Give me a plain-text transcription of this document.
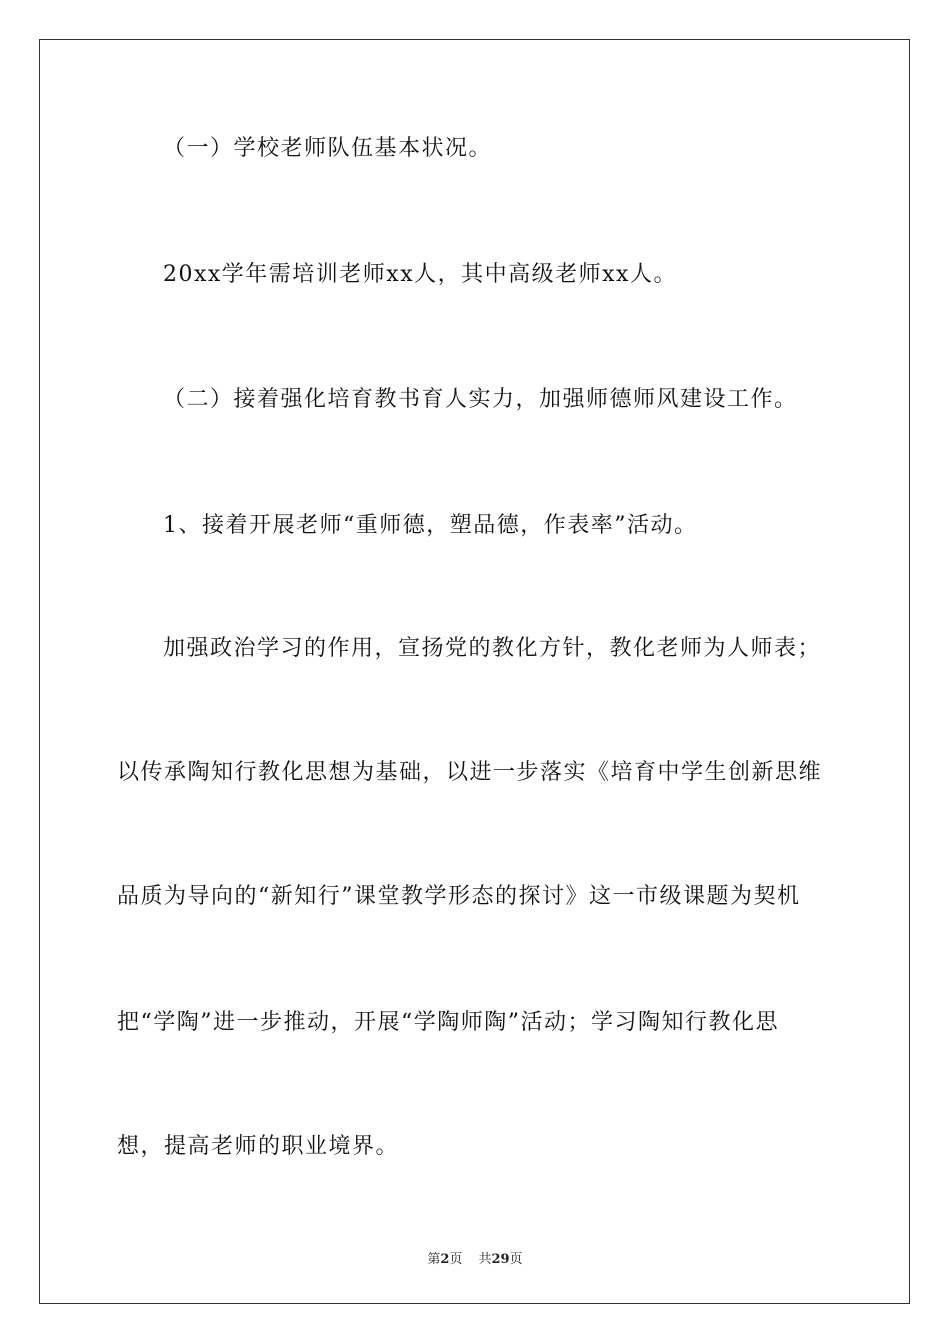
（一）学校老师队伍基本状况。
20xx学年需培训老师xx人，其中高级老师xx人。
（二）接着强化培育教书育人实力，加强师德师风建设工作。
1、接着开展老师“重师德，塑品德，作表率”活动。
加强政治学习的作用，宣扬党的教化方针，教化老师为人师表；
以传承陶知行教化思想为基础，以进一步落实《培育中学生创新思维
品质为导向的“新知行”课堂教学形态的探讨》这一市级课题为契机
把“学陶”进一步推动，开展“学陶师陶”活动；学习陶知行教化思
想，提高老师的职业境界。
第2页 共29页
